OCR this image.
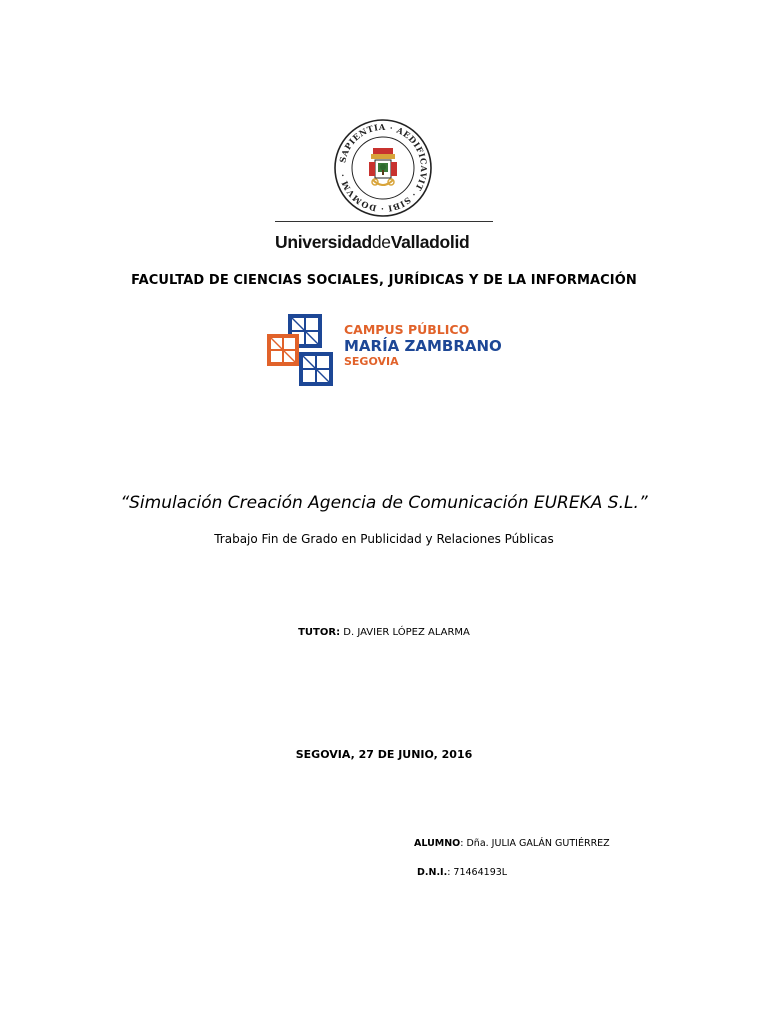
SAPIENTIA · AEDIFICAVIT · SIBI · DOMVM ·
UniversidaddeValladolid
FACULTAD DE CIENCIAS SOCIALES, JURÍDICAS Y DE LA INFORMACIÓN
CAMPUS PÚBLICO
MARÍA ZAMBRANO
SEGOVIA
“Simulación Creación Agencia de Comunicación EUREKA S.L.”
Trabajo Fin de Grado en Publicidad y Relaciones Públicas
TUTOR: D. JAVIER LÓPEZ ALARMA
SEGOVIA, 27 DE JUNIO, 2016
ALUMNO: Dña. JULIA GALÁN GUTIÉRREZ
D.N.I.: 71464193L
